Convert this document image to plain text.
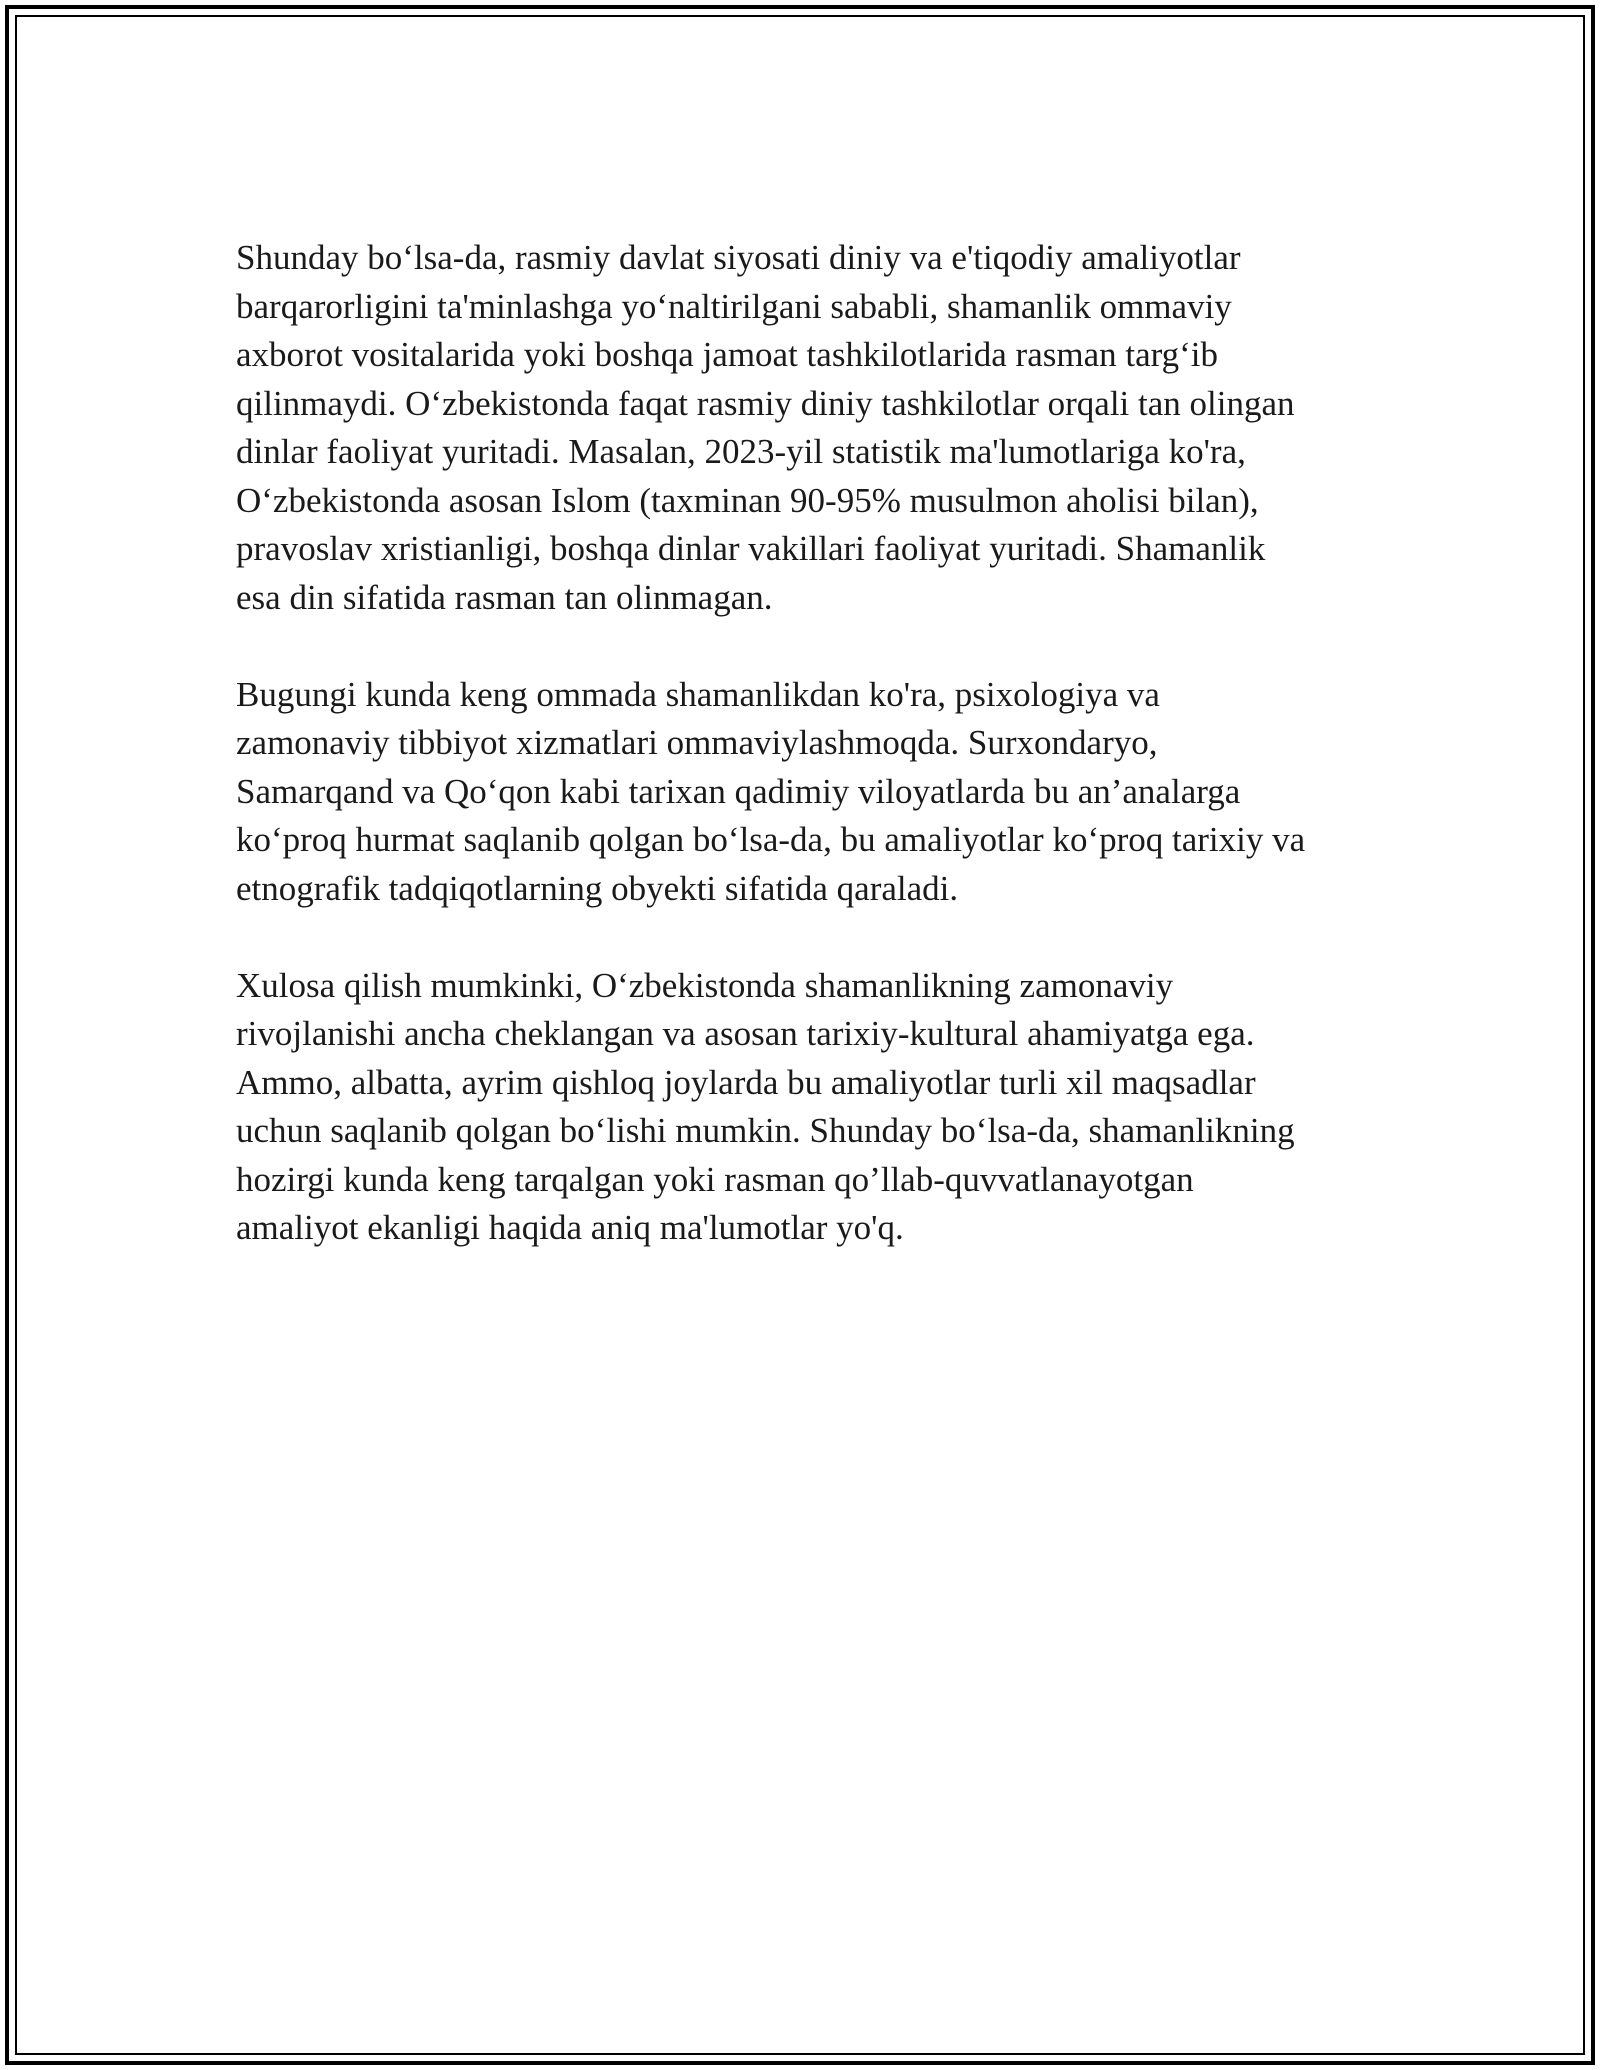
Shunday bo‘lsa-da, rasmiy davlat siyosati diniy va e'tiqodiy amaliyotlar
barqarorligini ta'minlashga yo‘naltirilgani sababli, shamanlik ommaviy
axborot vositalarida yoki boshqa jamoat tashkilotlarida rasman targ‘ib
qilinmaydi. O‘zbekistonda faqat rasmiy diniy tashkilotlar orqali tan olingan
dinlar faoliyat yuritadi. Masalan, 2023-yil statistik ma'lumotlariga ko'ra,
O‘zbekistonda asosan Islom (taxminan 90-95% musulmon aholisi bilan),
pravoslav xristianligi, boshqa dinlar vakillari faoliyat yuritadi. Shamanlik
esa din sifatida rasman tan olinmagan.

Bugungi kunda keng ommada shamanlikdan ko'ra, psixologiya va
zamonaviy tibbiyot xizmatlari ommaviylashmoqda. Surxondaryo,
Samarqand va Qo‘qon kabi tarixan qadimiy viloyatlarda bu an’analarga
ko‘proq hurmat saqlanib qolgan bo‘lsa-da, bu amaliyotlar ko‘proq tarixiy va
etnografik tadqiqotlarning obyekti sifatida qaraladi.

Xulosa qilish mumkinki, O‘zbekistonda shamanlikning zamonaviy
rivojlanishi ancha cheklangan va asosan tarixiy-kultural ahamiyatga ega.
Ammo, albatta, ayrim qishloq joylarda bu amaliyotlar turli xil maqsadlar
uchun saqlanib qolgan bo‘lishi mumkin. Shunday bo‘lsa-da, shamanlikning
hozirgi kunda keng tarqalgan yoki rasman qo’llab-quvvatlanayotgan
amaliyot ekanligi haqida aniq ma'lumotlar yo'q.
